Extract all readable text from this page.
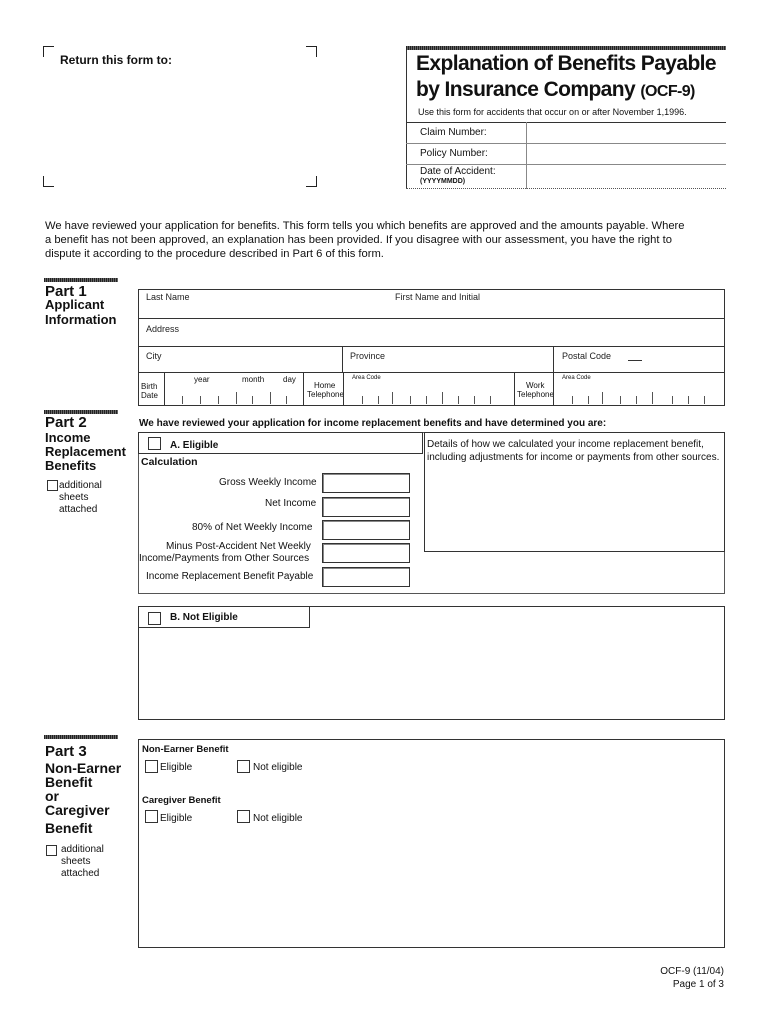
Return this form to:	Explanation of Benefits Payable
by Insurance Company (OCF-9)
Use this form for accidents that occur on or after November 1,1996.
Claim Number:
Policy Number:
Date of Accident:
(YYYYMMDD)
We have reviewed your application for benefits. This form tells you which benefits are approved and the amounts payable. Where
a benefit has not been approved, an explanation has been provided. If you disagree with our assessment, you have the right to
dispute it according to the procedure described in Part 6 of this form.
Part 1
Applicant
Information
Last Name	First Name and Initial
Address
City	Province	Postal Code
Birth
Date
year	month day
Home
Telephone
Area Code
Work
Telephone
Area Code
Part 2
Income
Replacement
Benefits
additional
sheets
attached
We have reviewed your application for income replacement benefits and have determined you are:
A. Eligible
Calculation
Details of how we calculated your income replacement benefit,
including adjustments for income or payments from other sources.
Gross Weekly Income
Net Income
80% of Net Weekly Income
Minus Post-Accident Net Weekly
Income/Payments from Other Sources
Income Replacement Benefit Payable
B. Not Eligible
Part 3
Non-Earner
Benefit
or
Caregiver
Benefit
additional
sheets
attached
Non-Earner Benefit
Eligible	Not eligible
Caregiver Benefit
Eligible	Not eligible
OCF-9 (11/04)
Page 1 of 3
